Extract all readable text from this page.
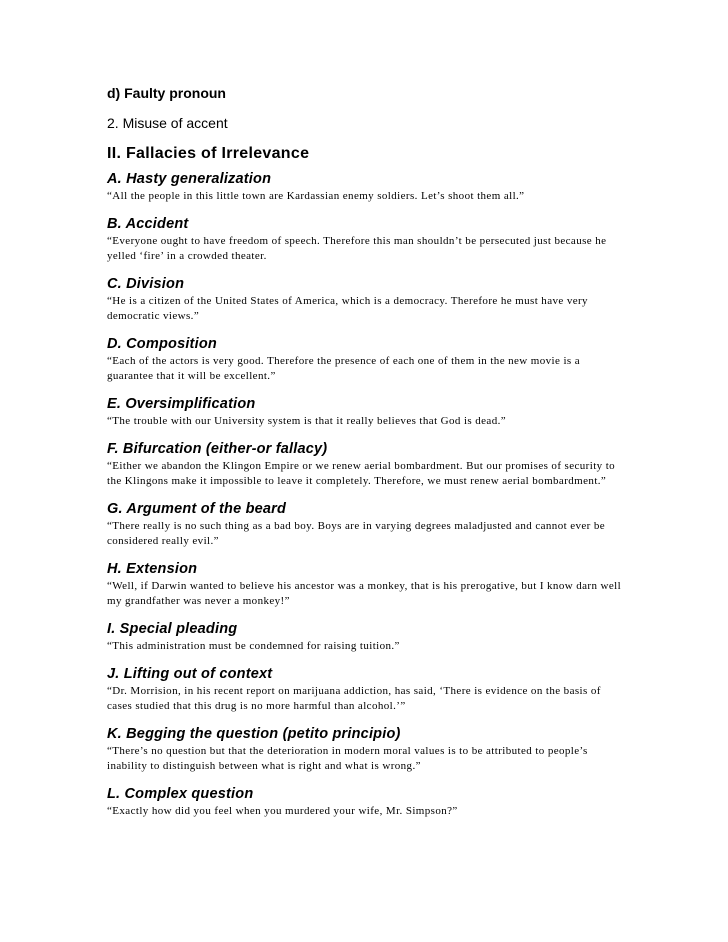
d) Faulty pronoun

2. Misuse of accent

II. Fallacies of Irrelevance

A. Hasty generalization

“All the people in this little town are Kardassian enemy soldiers. Let’s shoot them all.”

B. Accident

“Everyone ought to have freedom of speech. Therefore this man shouldn’t be persecuted just because he yelled ‘fire’ in a crowded theater.

C. Division

“He is a citizen of the United States of America, which is a democracy. Therefore he must have very democratic views.”

D. Composition

“Each of the actors is very good. Therefore the presence of each one of them in the new movie is a guarantee that it will be excellent.”

E. Oversimplification

“The trouble with our University system is that it really believes that God is dead.”

F. Bifurcation (either-or fallacy)

“Either we abandon the Klingon Empire or we renew aerial bombardment. But our promises of security to the Klingons make it impossible to leave it completely. Therefore, we must renew aerial bombardment.”

G. Argument of the beard

“There really is no such thing as a bad boy. Boys are in varying degrees maladjusted and cannot ever be considered really evil.”

H. Extension

“Well, if Darwin wanted to believe his ancestor was a monkey, that is his prerogative, but I know darn well my grandfather was never a monkey!”

I. Special pleading

“This administration must be condemned for raising tuition.”

J. Lifting out of context

“Dr. Morrision, in his recent report on marijuana addiction, has said, ‘There is evidence on the basis of cases studied that this drug is no more harmful than alcohol.’”

K. Begging the question (petito principio)

“There’s no question but that the deterioration in modern moral values is to be attributed to people’s inability to distinguish between what is right and what is wrong.”

L. Complex question

“Exactly how did you feel when you murdered your wife, Mr. Simpson?”
